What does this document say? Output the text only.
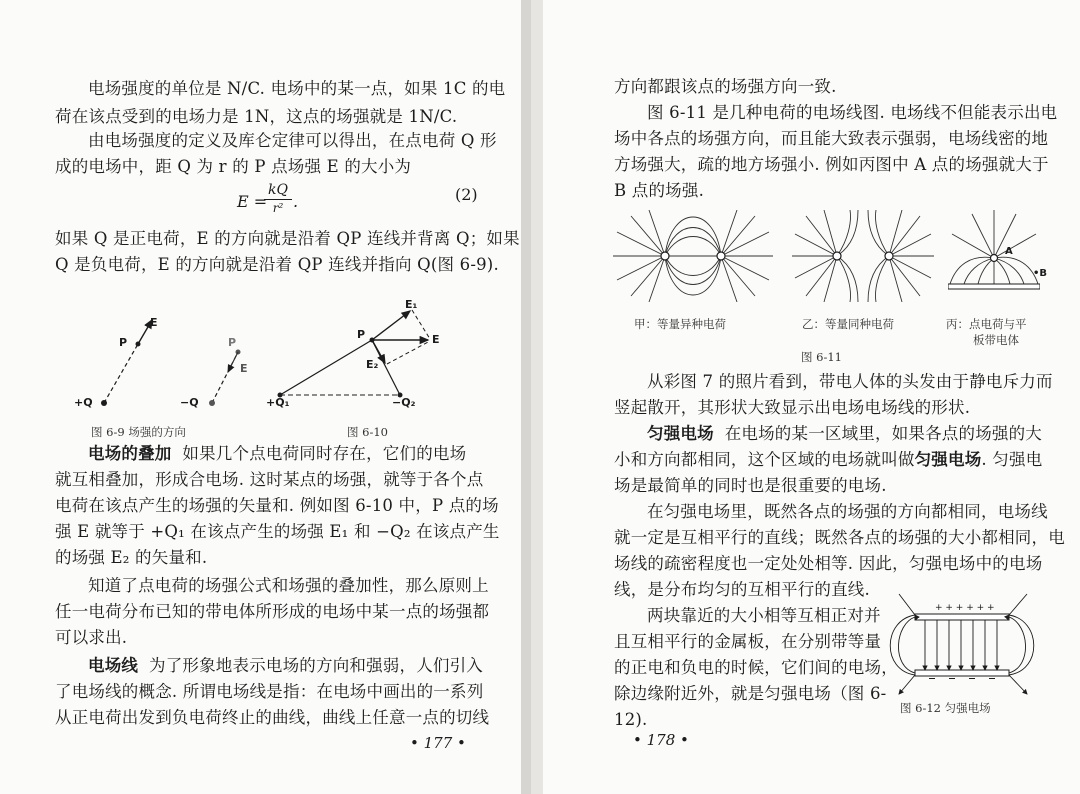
电场强度的单位是 N/C. 电场中的某一点，如果 1C 的电
荷在该点受到的电场力是 1N，这点的场强就是 1N/C.
由电场强度的定义及库仑定律可以得出，在点电荷 Q 形
成的电场中，距 Q 为 r 的 P 点场强 E 的大小为
E =
kQ
r² .	(2)
如果 Q 是正电荷，E 的方向就是沿着 QP 连线并背离 Q；如果
Q 是负电荷，E 的方向就是沿着 QP 连线并指向 Q(图 6-9).
E
P
+Q
P
E
−Q
图 6-9 场强的方向
E₁
P	E
E₂
+Q₁	−Q₂
图 6-10
电场的叠加 如果几个点电荷同时存在，它们的电场
就互相叠加，形成合电场. 这时某点的场强，就等于各个点
电荷在该点产生的场强的矢量和. 例如图 6-10 中，P 点的场
强 E 就等于 +Q₁ 在该点产生的场强 E₁ 和 −Q₂ 在该点产生
的场强 E₂ 的矢量和.
知道了点电荷的场强公式和场强的叠加性，那么原则上
任一电荷分布已知的带电体所形成的电场中某一点的场强都
可以求出.
电场线 为了形象地表示电场的方向和强弱，人们引入
了电场线的概念. 所谓电场线是指：在电场中画出的一系列
从正电荷出发到负电荷终止的曲线，曲线上任意一点的切线
• 177 •
方向都跟该点的场强方向一致.
图 6-11 是几种电荷的电场线图. 电场线不但能表示出电
场中各点的场强方向，而且能大致表示强弱，电场线密的地
方场强大，疏的地方场强小. 例如丙图中 A 点的场强就大于
B 点的场强.
A
•B
甲：等量异种电荷	乙：等量同种电荷	丙：点电荷与平
板带电体
图 6-11
从彩图 7 的照片看到，带电人体的头发由于静电斥力而
竖起散开，其形状大致显示出电场电场线的形状.
匀强电场 在电场的某一区域里，如果各点的场强的大
小和方向都相同，这个区域的电场就叫做匀强电场. 匀强电
场是最简单的同时也是很重要的电场.
在匀强电场里，既然各点的场强的方向都相同，电场线
就一定是互相平行的直线；既然各点的场强的大小都相同，电
场线的疏密程度也一定处处相等. 因此，匀强电场中的电场
线，是分布均匀的互相平行的直线.
两块靠近的大小相等互相正对并
且互相平行的金属板，在分别带等量
的正电和负电的时候，它们间的电场，
除边缘附近外，就是匀强电场（图 6-
12).
+ + + + + +
图 6-12 匀强电场
• 178 •
